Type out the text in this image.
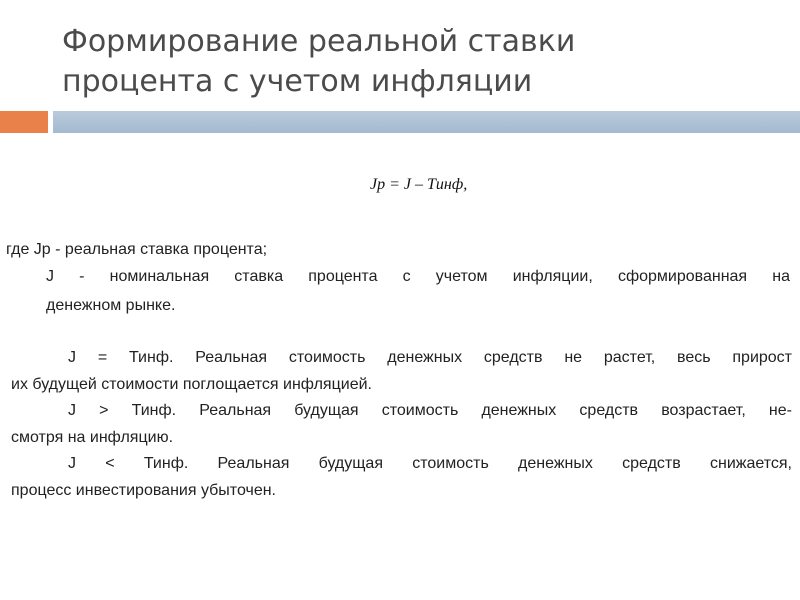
Формирование реальной ставки
процента с учетом инфляции
Jр = J – Tинф,
где Jр - реальная ставка процента;
J - номинальная ставка процента с учетом инфляции, сформированная на
денежном рынке.
J = Тинф. Реальная стоимость денежных средств не растет, весь прирост
их будущей стоимости поглощается инфляцией.
J > Тинф. Реальная будущая стоимость денежных средств возрастает, не-
смотря на инфляцию.
J < Тинф. Реальная будущая стоимость денежных средств снижается,
процесс инвестирования убыточен.
